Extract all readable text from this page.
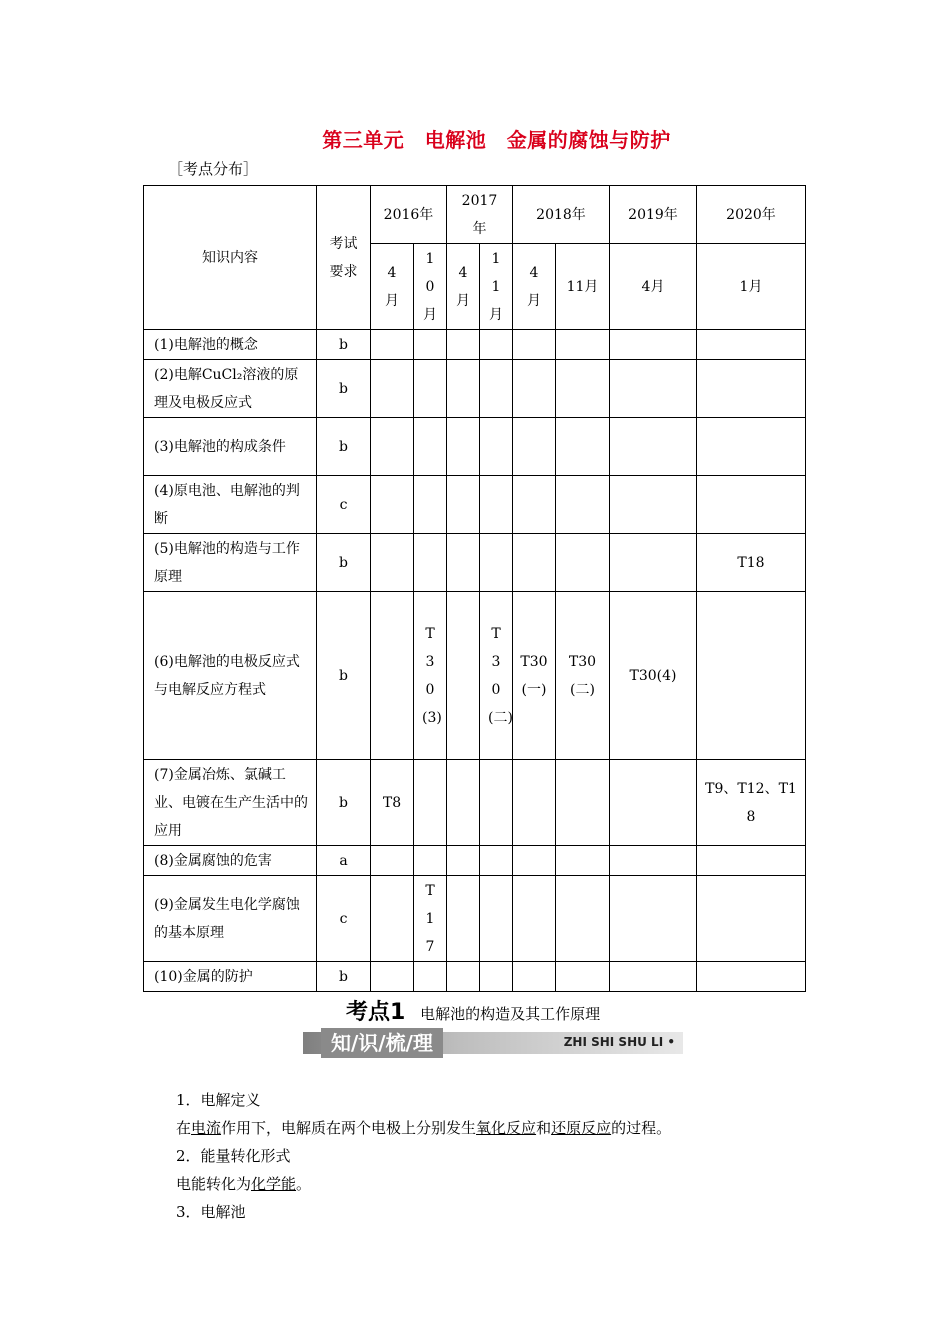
第三单元　电解池　金属的腐蚀与防护
［考点分布］
知识内容	考试要求	2016年		2017年		2018年		2019年	2020年

		4月	10月	4月	11月	4月	11月	4月	1月
(1)电解池的概念	b								
(2)电解CuCl₂溶液的原理及电极反应式	b								
(3)电解池的构成条件	b								
(4)原电池、电解池的判断	c								
(5)电解池的构造与工作原理	b								T18
(6)电解池的电极反应式与电解反应方程式	b		T30(3)		T30(二)	T30(一)	T30(二)	T30(4)	
(7)金属冶炼、氯碱工业、电镀在生产生活中的应用	b	T8							T9、T12、T18

(8)金属腐蚀的危害	a								
(9)金属发生电化学腐蚀的基本原理	c		T17						

(10)金属的防护	b								
考点1 电解池的构造及其工作原理
知/识/梳/理	ZHI SHI SHU LI •

1．电解定义

在电流作用下，电解质在两个电极上分别发生氧化反应和还原反应的过程。

2．能量转化形式

电能转化为化学能。

3．电解池
